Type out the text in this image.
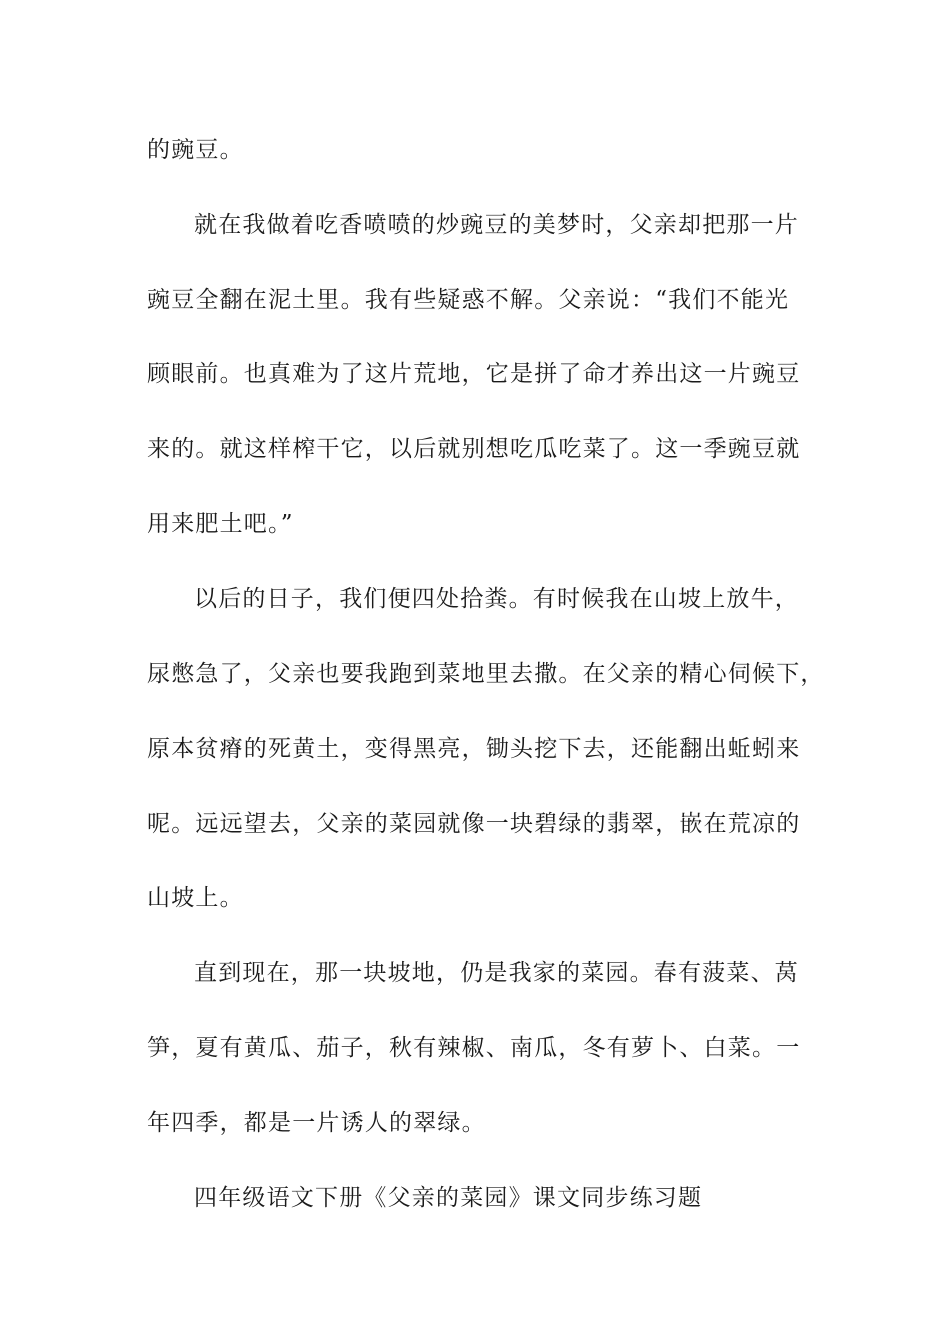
的豌豆。
就在我做着吃香喷喷的炒豌豆的美梦时，父亲却把那一片
豌豆全翻在泥土里。我有些疑惑不解。父亲说：“我们不能光
顾眼前。也真难为了这片荒地，它是拼了命才养出这一片豌豆
来的。就这样榨干它，以后就别想吃瓜吃菜了。这一季豌豆就
用来肥土吧。”
以后的日子，我们便四处拾粪。有时候我在山坡上放牛，
尿憋急了，父亲也要我跑到菜地里去撒。在父亲的精心伺候下，
原本贫瘠的死黄土，变得黑亮，锄头挖下去，还能翻出蚯蚓来
呢。远远望去，父亲的菜园就像一块碧绿的翡翠，嵌在荒凉的
山坡上。
直到现在，那一块坡地，仍是我家的菜园。春有菠菜、莴
笋，夏有黄瓜、茄子，秋有辣椒、南瓜，冬有萝卜、白菜。一
年四季，都是一片诱人的翠绿。
四年级语文下册《父亲的菜园》课文同步练习题
